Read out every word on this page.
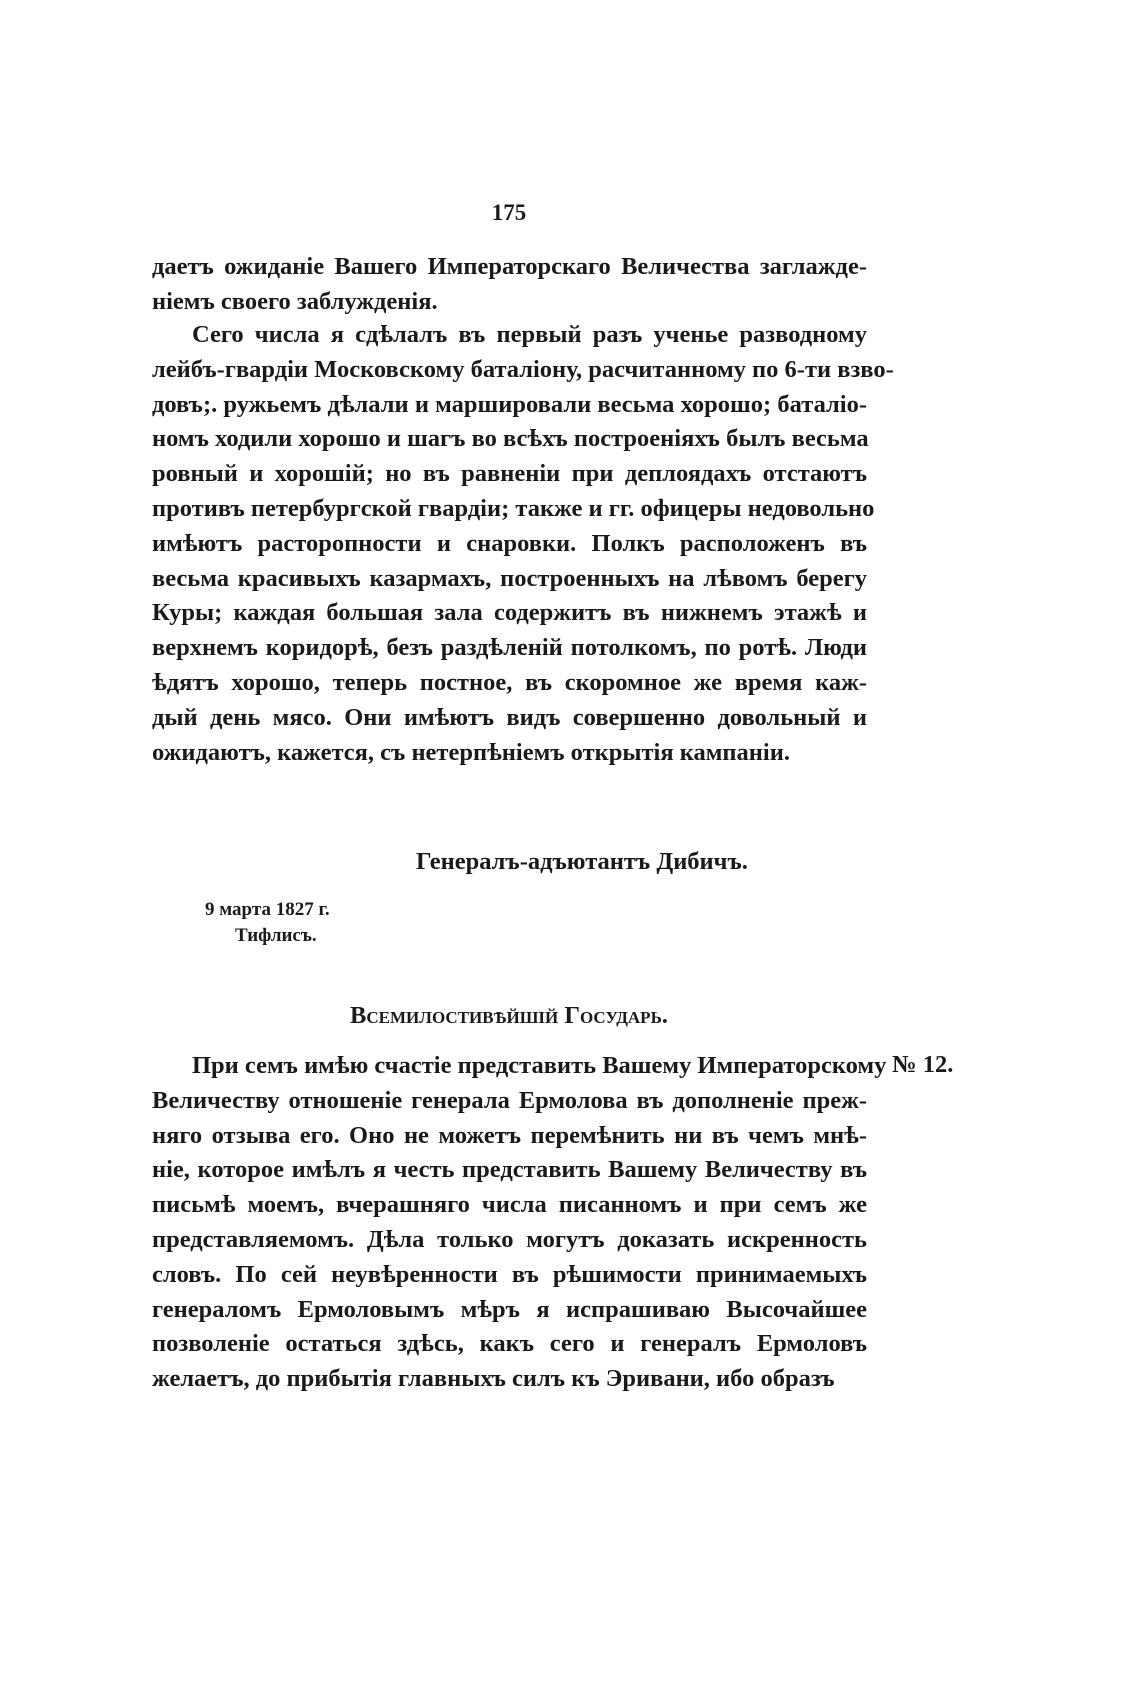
175
даетъ ожиданіе Вашего Императорскаго Величества заглажде-
ніемъ своего заблужденія.
Сего числа я сдѣлалъ въ первый разъ ученье разводному
лейбъ-гвардіи Московскому баталіону, расчитанному по 6-ти взво-
довъ;. ружьемъ дѣлали и маршировали весьма хорошо; баталіо-
номъ ходили хорошо и шагъ во всѣхъ построеніяхъ былъ весьма
ровный и хорошій; но въ равненіи при деплоядахъ отстаютъ
противъ петербургской гвардіи; также и гг. офицеры недовольно
имѣютъ расторопности и снаровки. Полкъ расположенъ въ
весьма красивыхъ казармахъ, построенныхъ на лѣвомъ берегу
Куры; каждая большая зала содержитъ въ нижнемъ этажѣ и
верхнемъ коридорѣ, безъ раздѣленій потолкомъ, по ротѣ. Люди
ѣдятъ хорошо, теперь постное, въ скоромное же время каж-
дый день мясо. Они имѣютъ видъ совершенно довольный и
ожидаютъ, кажется, съ нетерпѣніемъ открытія кампаніи.
Генералъ-адъютантъ Дибичъ.
9 марта 1827 г.
Тифлисъ.
Всемилостивѣйшій Государь.
№ 12.
При семъ имѣю счастіе представить Вашему Императорскому
Величеству отношеніе генерала Ермолова въ дополненіе преж-
няго отзыва его. Оно не можетъ перемѣнить ни въ чемъ мнѣ-
ніе, которое имѣлъ я честь представить Вашему Величеству въ
письмѣ моемъ, вчерашняго числа писанномъ и при семъ же
представляемомъ. Дѣла только могутъ доказать искренность
словъ. По сей неувѣренности въ рѣшимости принимаемыхъ
генераломъ Ермоловымъ мѣръ я испрашиваю Высочайшее
позволеніе остаться здѣсь, какъ сего и генералъ Ермоловъ
желаетъ, до прибытія главныхъ силъ къ Эривани, ибо образъ
